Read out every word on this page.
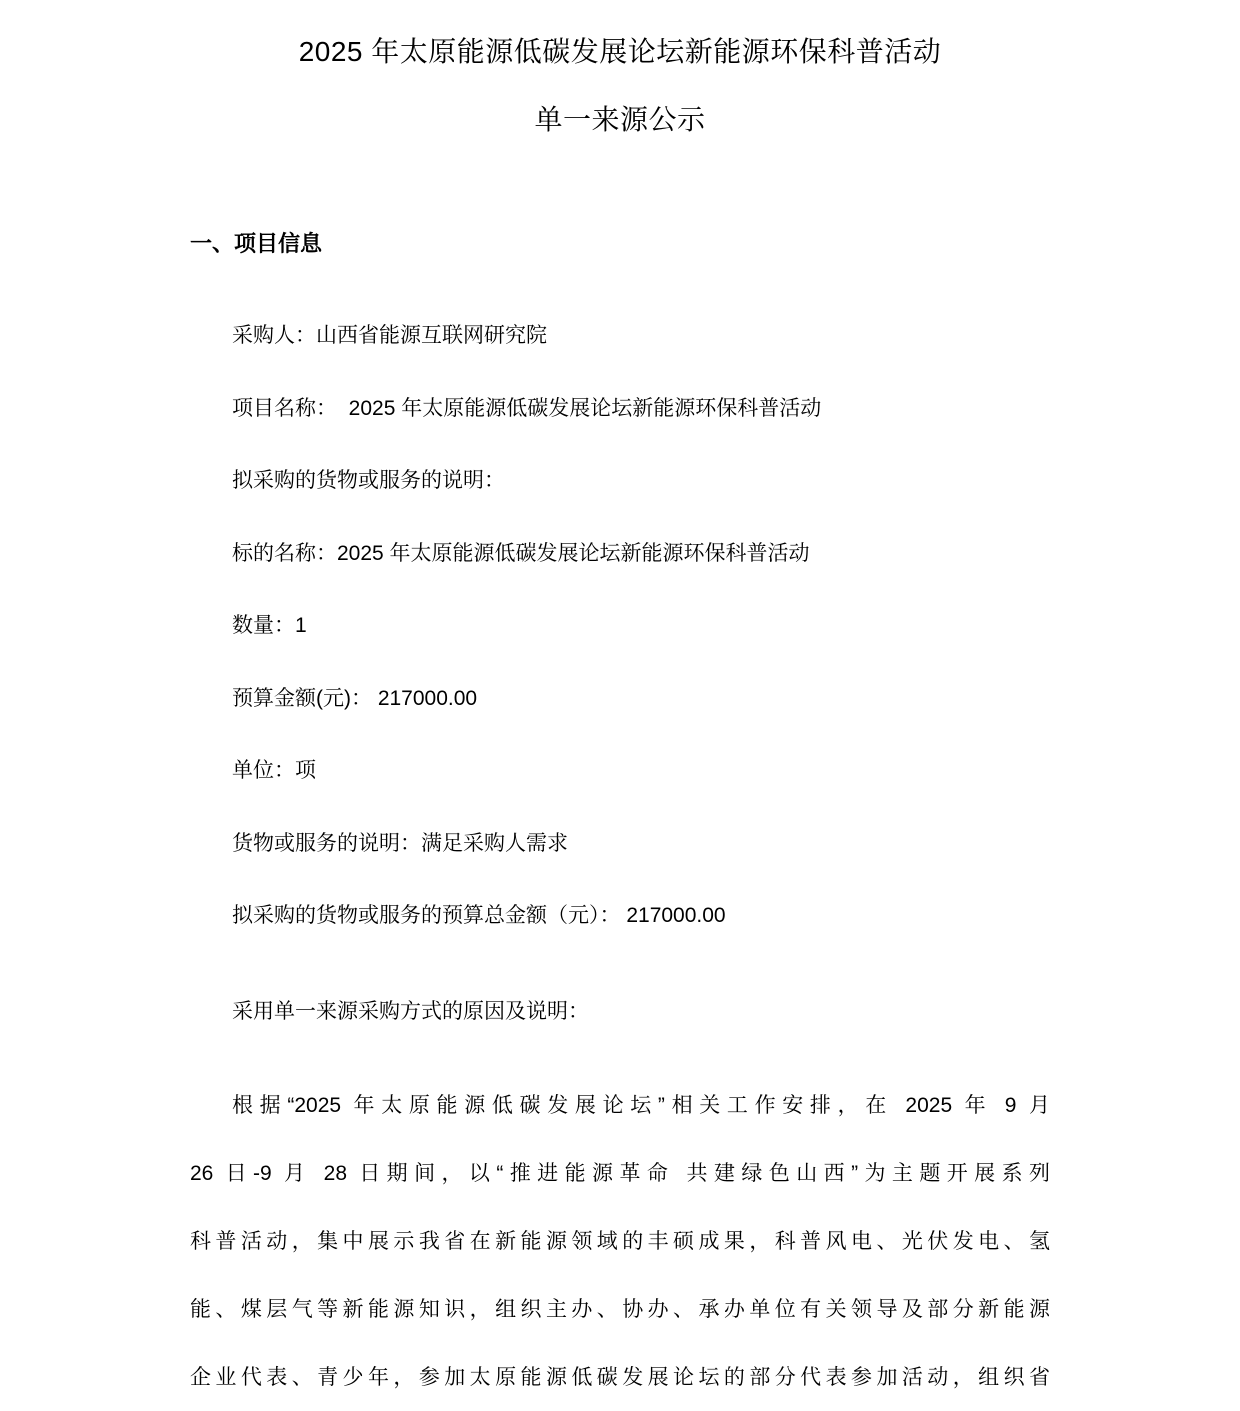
2025 年太原能源低碳发展论坛新能源环保科普活动
单一来源公示
一、项目信息
采购人：山西省能源互联网研究院
项目名称：  2025 年太原能源低碳发展论坛新能源环保科普活动
拟采购的货物或服务的说明：
标的名称：2025 年太原能源低碳发展论坛新能源环保科普活动
数量：1
预算金额(元)： 217000.00
单位：项
货物或服务的说明：满足采购人需求
拟采购的货物或服务的预算总金额（元）： 217000.00
采用单一来源采购方式的原因及说明：
根据“2025 年太原能源低碳发展论坛”相关工作安排，在 2025 年 9 月
26 日-9 月 28 日期间，以“推进能源革命 共建绿色山西”为主题开展系列
科普活动，集中展示我省在新能源领域的丰硕成果，科普风电、光伏发电、氢
能、煤层气等新能源知识，组织主办、协办、承办单位有关领导及部分新能源
企业代表、青少年，参加太原能源低碳发展论坛的部分代表参加活动，组织省
